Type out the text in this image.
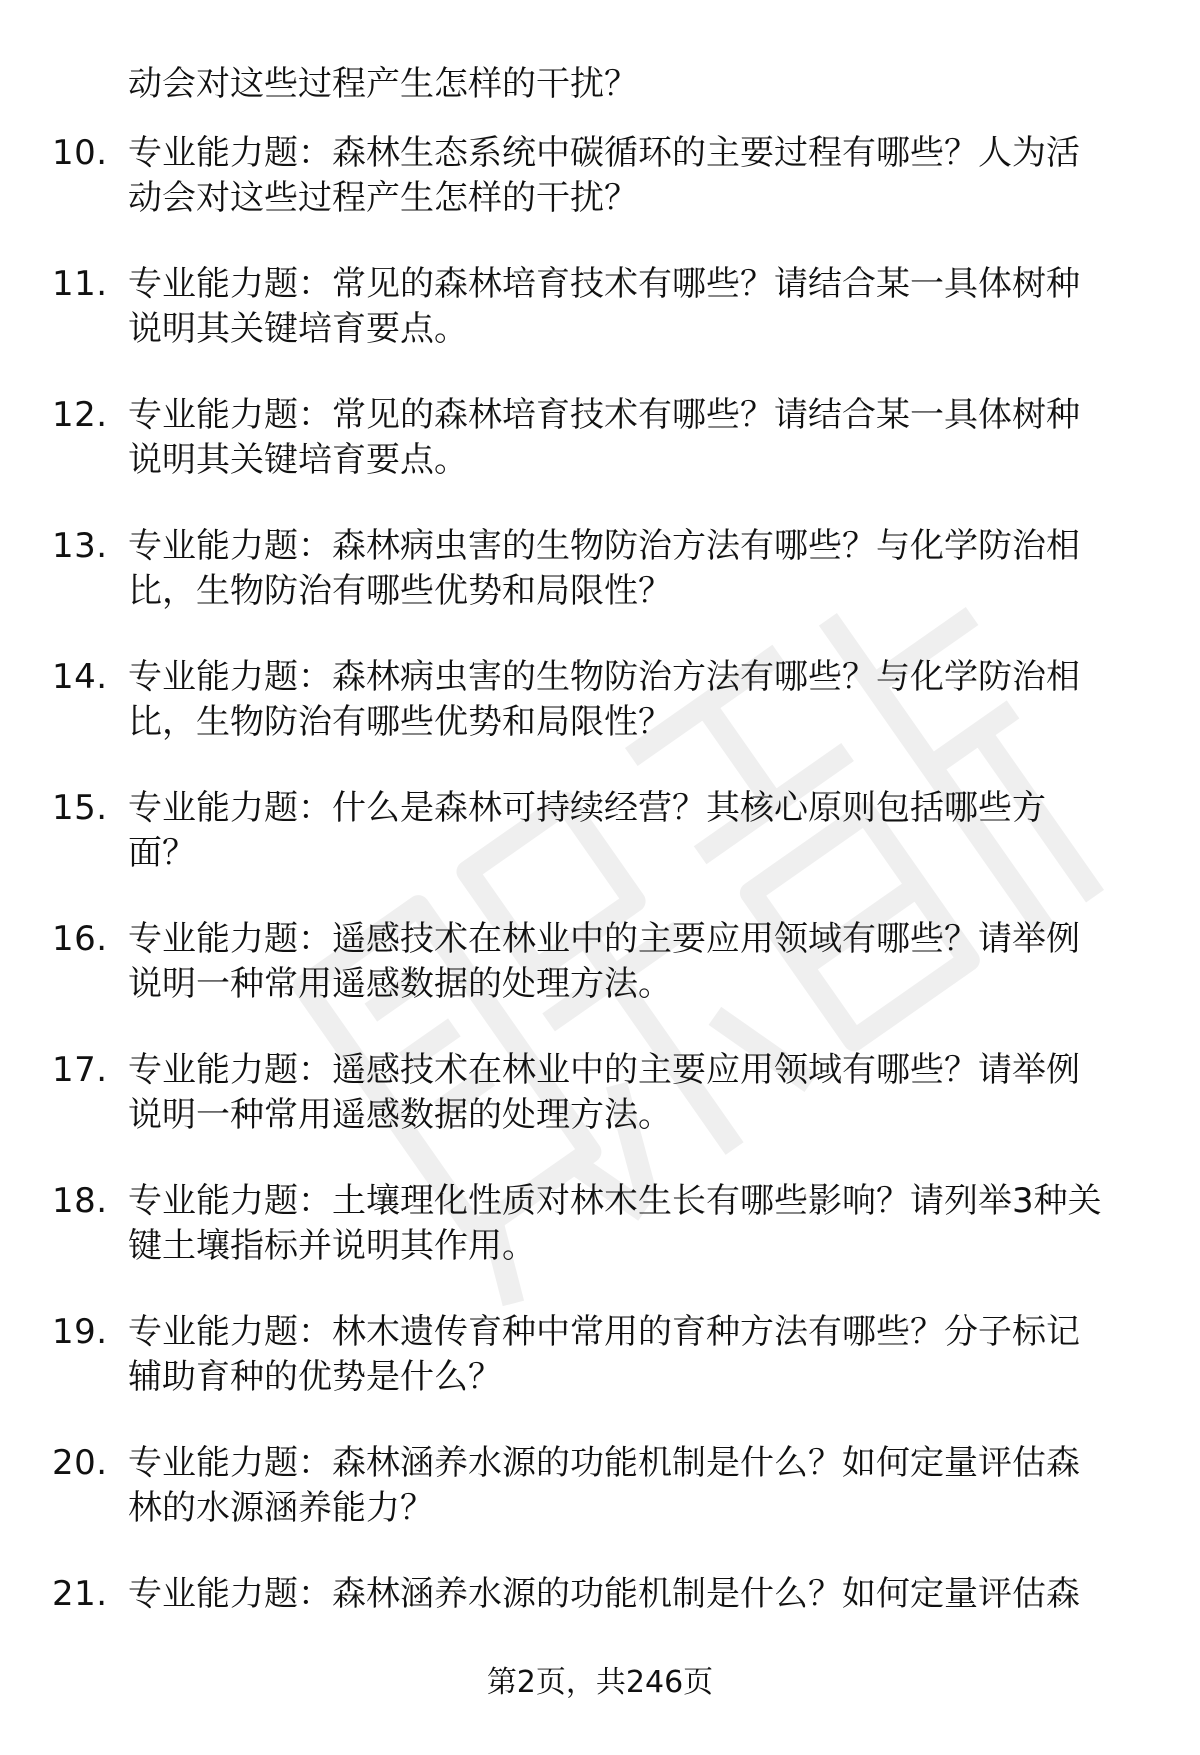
动会对这些过程产生怎样的干扰？
10. 专业能力题：森林生态系统中碳循环的主要过程有哪些？人为活
动会对这些过程产生怎样的干扰？
11. 专业能力题：常见的森林培育技术有哪些？请结合某一具体树种
说明其关键培育要点。
12. 专业能力题：常见的森林培育技术有哪些？请结合某一具体树种
说明其关键培育要点。
13. 专业能力题：森林病虫害的生物防治方法有哪些？与化学防治相
比，生物防治有哪些优势和局限性？
14. 专业能力题：森林病虫害的生物防治方法有哪些？与化学防治相
比，生物防治有哪些优势和局限性？
15. 专业能力题：什么是森林可持续经营？其核心原则包括哪些方
面？
16. 专业能力题：遥感技术在林业中的主要应用领域有哪些？请举例
说明一种常用遥感数据的处理方法。
17. 专业能力题：遥感技术在林业中的主要应用领域有哪些？请举例
说明一种常用遥感数据的处理方法。
18. 专业能力题：土壤理化性质对林木生长有哪些影响？请列举3种关
键土壤指标并说明其作用。
19. 专业能力题：林木遗传育种中常用的育种方法有哪些？分子标记
辅助育种的优势是什么？
20. 专业能力题：森林涵养水源的功能机制是什么？如何定量评估森
林的水源涵养能力？
21. 专业能力题：森林涵养水源的功能机制是什么？如何定量评估森
第2页，共246页
